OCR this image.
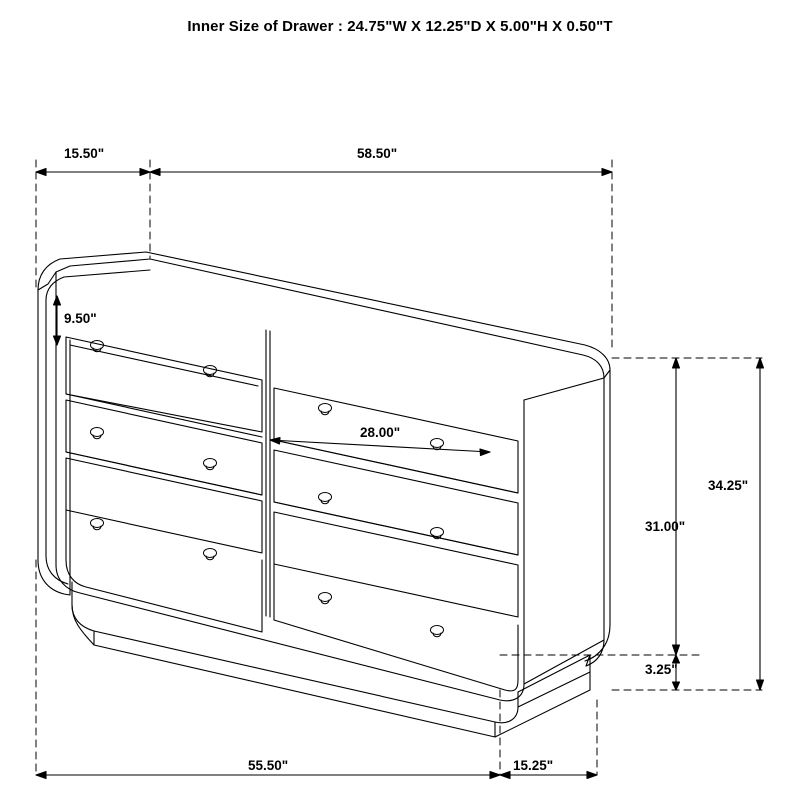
Inner Size of Drawer : 24.75"W X 12.25"D X 5.00"H X 0.50"T
15.50"	58.50"
9.50"
28.00"
34.25"
31.00"
3.25"
55.50"	15.25"
